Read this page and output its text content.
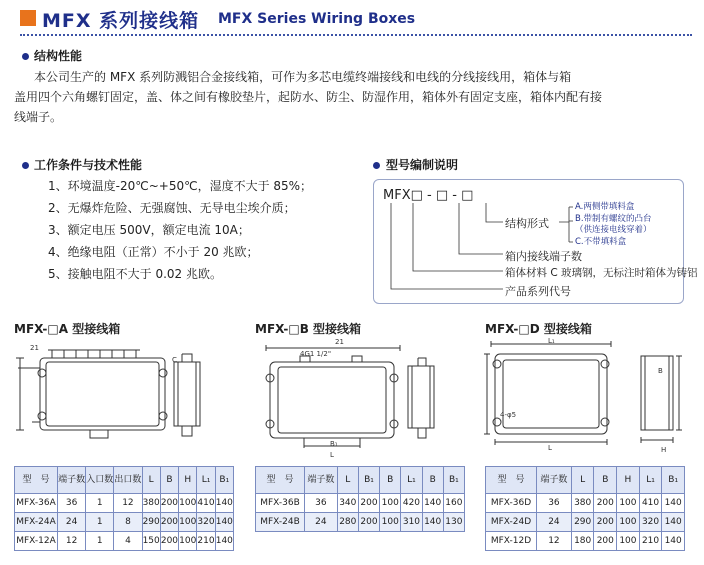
MFX 系列接线箱 MFX Series Wiring Boxes
结构性能
本公司生产的 MFX 系列防溅铝合金接线箱，可作为多芯电缆终端接线和电线的分线接线用，箱体与箱
盖用四个六角螺钉固定，盖、体之间有橡胶垫片，起防水、防尘、防湿作用，箱体外有固定支座，箱体内配有接
线端子。
工作条件与技术性能
1、环境温度-20℃~+50℃，湿度不大于 85%；
2、无爆炸危险、无强腐蚀、无导电尘埃介质；
3、额定电压 500V，额定电流 10A；
4、绝缘电阻（正常）不小于 20 兆欧；
5、接触电阻不大于 0.02 兆欧。
型号编制说明
MFX□ - □ - □
结构形式
A.两侧带填料盒
B.带制有螺纹的凸台
（供连接电线穿着）
C.不带填料盒
箱内接线端子数
箱体材料 C 玻璃钢，无标注时箱体为铸铝
产品系列代号
MFX-□A 型接线箱	MFX-□B 型接线箱	MFX-□D 型接线箱
21
C
4G1 1/2"
21
B₁
L
L₁
L
4-φ5
B
H
型　号	端子数	入口数	出口数	L	B	H	L₁	B₁
MFX-36A	36	1	12	380	200	100	410	140
MFX-24A	24	1	8	290	200	100	320	140
MFX-12A	12	1	4	150	200	100	210	140
型　号	端子数	L	B₁	B	L₁	B	B₁
MFX-36B	36	340	200	100	420	140	160
MFX-24B	24	280	200	100	310	140	130
型　号	端子数	L	B	H	L₁	B₁
MFX-36D	36	380	200	100	410	140
MFX-24D	24	290	200	100	320	140
MFX-12D	12	180	200	100	210	140
